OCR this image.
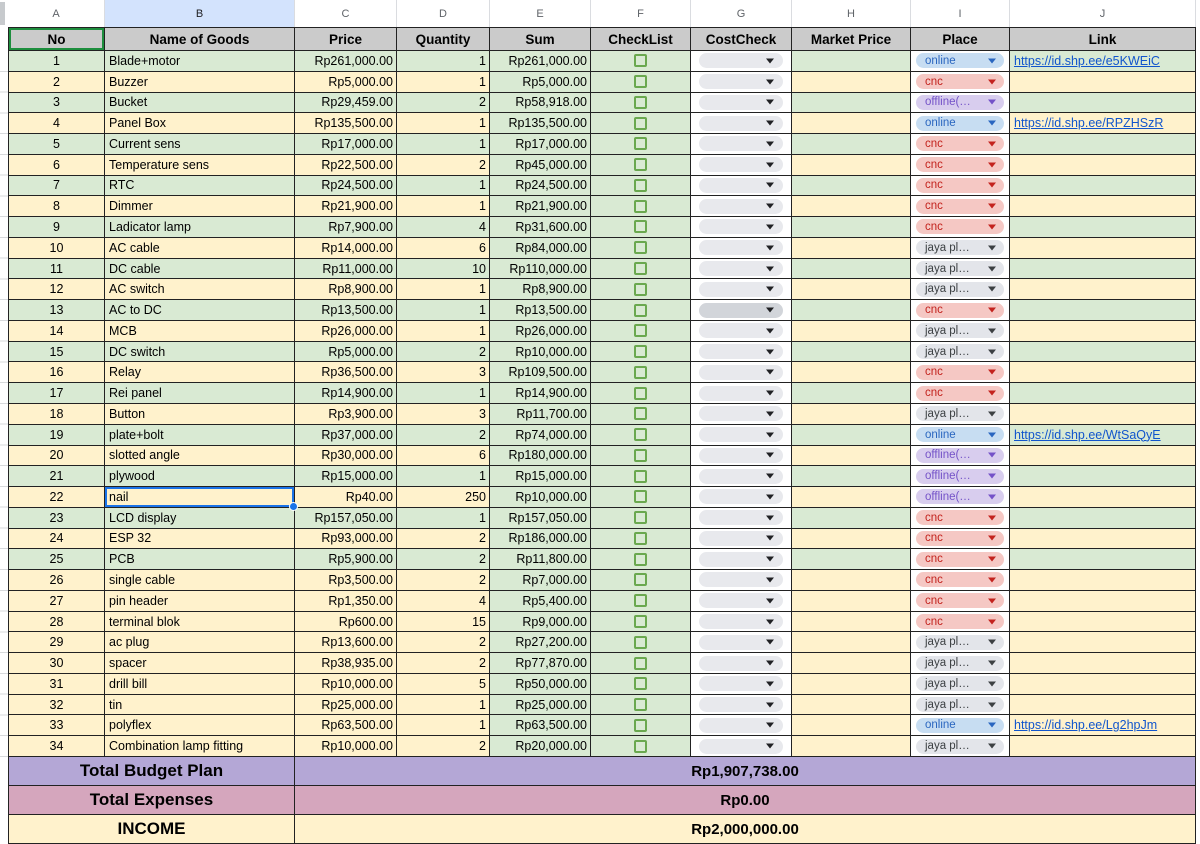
A	B	C	D	E	F	G	H	I	J
No	Name of Goods	Price	Quantity	Sum	CheckList	CostCheck	Market Price	Place	Link
1	Blade+motor	Rp261,000.00	1	Rp261,000.00	online	https://id.shp.ee/e5KWEiC
2	Buzzer	Rp5,000.00	1	Rp5,000.00	cnc
3	Bucket	Rp29,459.00	2	Rp58,918.00	offline(…
4	Panel Box	Rp135,500.00	1	Rp135,500.00	online	https://id.shp.ee/RPZHSzR
5	Current sens	Rp17,000.00	1	Rp17,000.00	cnc
6	Temperature sens	Rp22,500.00	2	Rp45,000.00	cnc
7	RTC	Rp24,500.00	1	Rp24,500.00	cnc
8	Dimmer	Rp21,900.00	1	Rp21,900.00	cnc
9	Ladicator lamp	Rp7,900.00	4	Rp31,600.00	cnc
10	AC cable	Rp14,000.00	6	Rp84,000.00	jaya pl…
11	DC cable	Rp11,000.00	10	Rp110,000.00	jaya pl…
12	AC switch	Rp8,900.00	1	Rp8,900.00	jaya pl…
13	AC to DC	Rp13,500.00	1	Rp13,500.00	cnc
14	MCB	Rp26,000.00	1	Rp26,000.00	jaya pl…
15	DC switch	Rp5,000.00	2	Rp10,000.00	jaya pl…
16	Relay	Rp36,500.00	3	Rp109,500.00	cnc
17	Rei panel	Rp14,900.00	1	Rp14,900.00	cnc
18	Button	Rp3,900.00	3	Rp11,700.00	jaya pl…
19	plate+bolt	Rp37,000.00	2	Rp74,000.00	online	https://id.shp.ee/WtSaQyE
20	slotted angle	Rp30,000.00	6	Rp180,000.00	offline(…
21	plywood	Rp15,000.00	1	Rp15,000.00	offline(…
22	nail	Rp40.00	250	Rp10,000.00	offline(…
23	LCD display	Rp157,050.00	1	Rp157,050.00	cnc
24	ESP 32	Rp93,000.00	2	Rp186,000.00	cnc
25	PCB	Rp5,900.00	2	Rp11,800.00	cnc
26	single cable	Rp3,500.00	2	Rp7,000.00	cnc
27	pin header	Rp1,350.00	4	Rp5,400.00	cnc
28	terminal blok	Rp600.00	15	Rp9,000.00	cnc
29	ac plug	Rp13,600.00	2	Rp27,200.00	jaya pl…
30	spacer	Rp38,935.00	2	Rp77,870.00	jaya pl…
31	drill bill	Rp10,000.00	5	Rp50,000.00	jaya pl…
32	tin	Rp25,000.00	1	Rp25,000.00	jaya pl…
33	polyflex	Rp63,500.00	1	Rp63,500.00	online	https://id.shp.ee/Lg2hpJm
34	Combination lamp fitting	Rp10,000.00	2	Rp20,000.00	jaya pl…
Total Budget Plan	Rp1,907,738.00
Total Expenses	Rp0.00
INCOME	Rp2,000,000.00
